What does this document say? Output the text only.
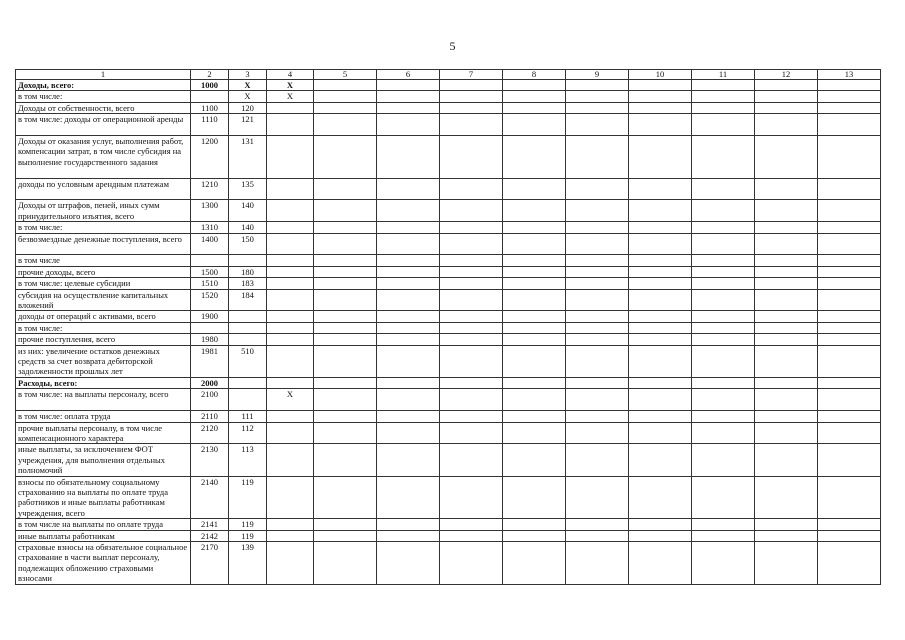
5
1	2	3	4	5	6	7	8	9	10	11	12	13
Доходы, всего:	1000	X	X									
в том числе:		X	X									
Доходы от собственности, всего	1100	120										
в том числе: доходы от операционной аренды	1110	121										
Доходы от оказания услуг, выполнения работ, компенсации затрат, в том числе субсидия на выполнение государственного задания	1200	131										
доходы по условным арендным платежам	1210	135										
Доходы от штрафов, пеней, иных сумм принудительного изъятия, всего	1300	140										
в том числе:	1310	140										
безвозмездные денежные поступления, всего	1400	150										
в том числе												
прочие доходы, всего	1500	180										
в том числе: целевые субсидии	1510	183										
субсидия на осуществление капитальных вложений	1520	184										
доходы от операций с активами, всего	1900											
в том числе:												
прочие поступления, всего	1980											
из них: увеличение остатков денежных средств за счет возврата дебиторской задолженности прошлых лет	1981	510										
Расходы, всего:	2000											
в том числе: на выплаты персоналу, всего	2100		X									
в том числе: оплата труда	2110	111										
прочие выплаты персоналу, в том числе компенсационного характера	2120	112										
иные выплаты, за исключением ФОТ учреждения, для выполнения отдельных полномочий	2130	113										
взносы по обязательному социальному страхованию на выплаты по оплате труда работников и иные выплаты работникам учреждения, всего	2140	119										
в том числе на выплаты по оплате труда	2141	119										
иные выплаты работникам	2142	119										
страховые взносы на обязательное социальное страхование в части выплат персоналу, подлежащих обложению страховыми взносами	2170	139										
